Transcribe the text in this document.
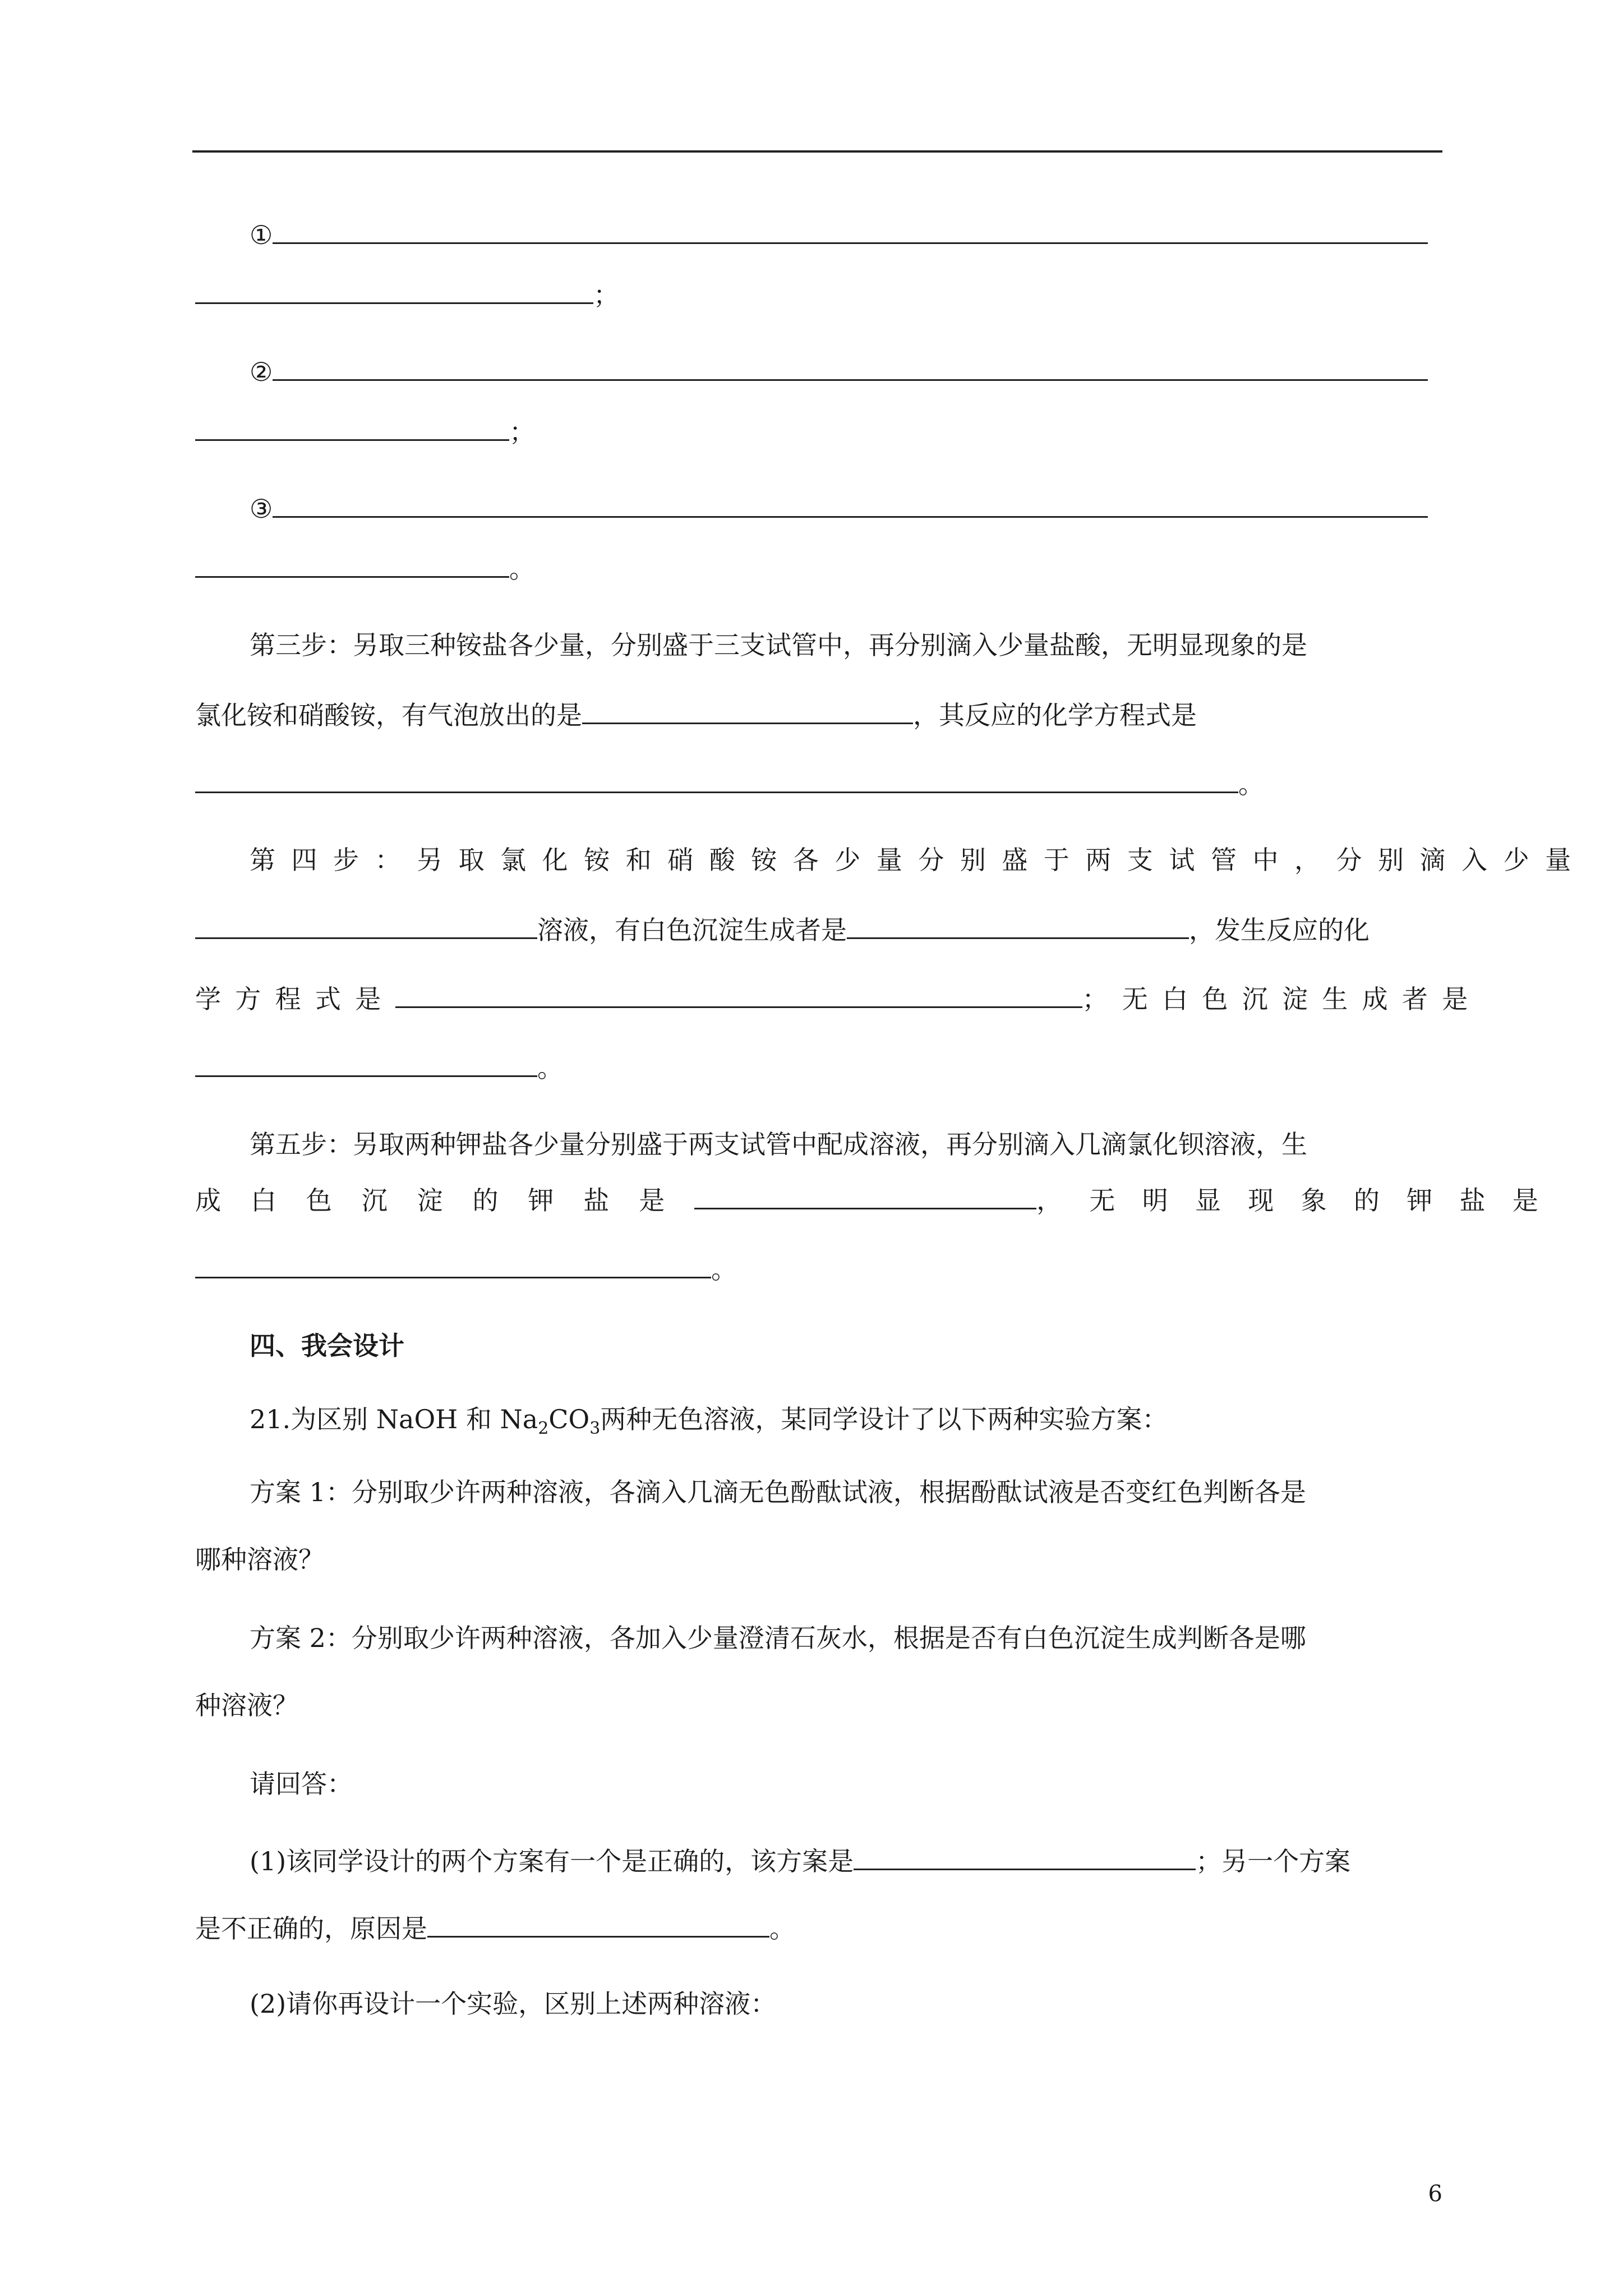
①
；
②
；
③
。
第三步：另取三种铵盐各少量，分别盛于三支试管中，再分别滴入少量盐酸，无明显现象的是
氯化铵和硝酸铵，有气泡放出的是	，其反应的化学方程式是
。
第四步：另取氯化铵和硝酸铵各少量分别盛于两支试管中，分别滴入少量
溶液，有白色沉淀生成者是	，发生反应的化
学方程式是	；无白色沉淀生成者是
。
第五步：另取两种钾盐各少量分别盛于两支试管中配成溶液，再分别滴入几滴氯化钡溶液，生
成白色沉淀的钾盐是	，无明显现象的钾盐是
。
四、我会设计
21.为区别 NaOH 和 $Na_2CO_3$两种无色溶液，某同学设计了以下两种实验方案：
方案 1：分别取少许两种溶液，各滴入几滴无色酚酞试液，根据酚酞试液是否变红色判断各是
哪种溶液？
方案 2：分别取少许两种溶液，各加入少量澄清石灰水，根据是否有白色沉淀生成判断各是哪
种溶液？
请回答：
(1)该同学设计的两个方案有一个是正确的，该方案是	；另一个方案
是不正确的，原因是	。
(2)请你再设计一个实验，区别上述两种溶液：
6
